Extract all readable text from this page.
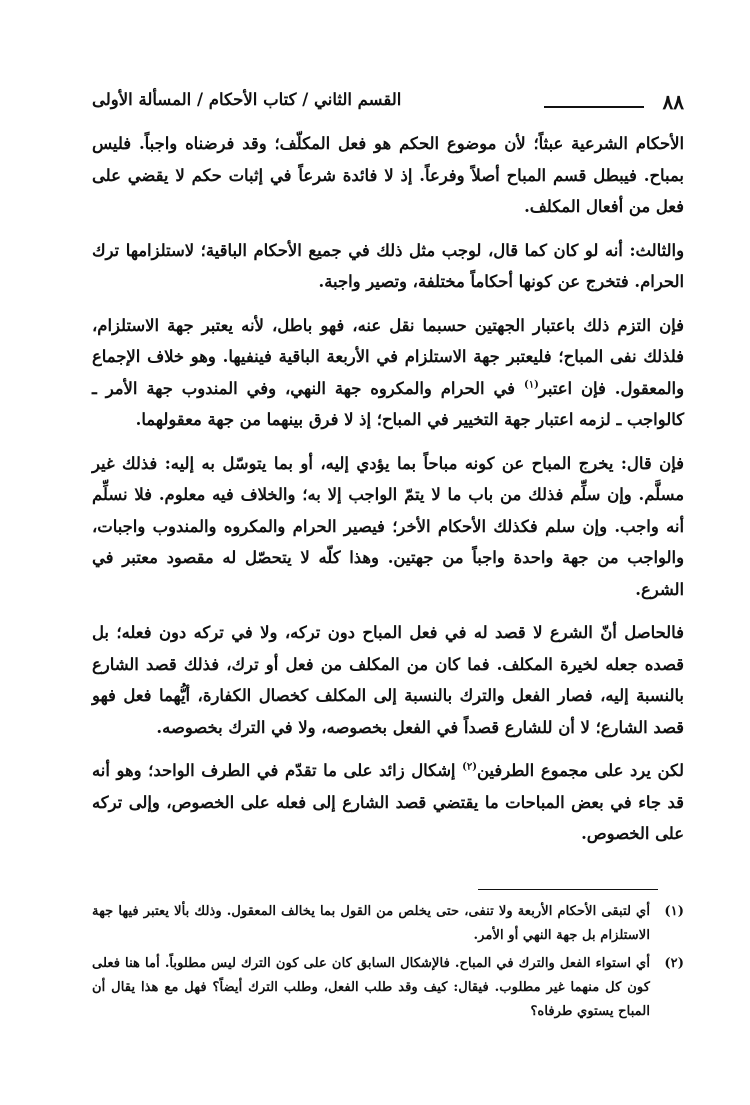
٨٨
القسم الثاني / كتاب الأحكام / المسألة الأولى

الأحكام الشرعية عبثاً؛ لأن موضوع الحكم هو فعل المكلّف؛ وقد فرضناه واجباً. فليس بمباح. فيبطل قسم المباح أصلاً وفرعاً. إذ لا فائدة شرعاً في إثبات حكم لا يقضي على فعل من أفعال المكلف.

والثالث: أنه لو كان كما قال، لوجب مثل ذلك في جميع الأحكام الباقية؛ لاستلزامها ترك الحرام. فتخرج عن كونها أحكاماً مختلفة، وتصير واجبة.

فإن التزم ذلك باعتبار الجهتين حسبما نقل عنه، فهو باطل، لأنه يعتبر جهة الاستلزام، فلذلك نفى المباح؛ فليعتبر جهة الاستلزام في الأربعة الباقية فينفيها. وهو خلاف الإجماع والمعقول. فإن اعتبر$^{(١)}$ في الحرام والمكروه جهة النهي، وفي المندوب جهة الأمر ـ كالواجب ـ لزمه اعتبار جهة التخيير في المباح؛ إذ لا فرق بينهما من جهة معقولهما.

فإن قال: يخرج المباح عن كونه مباحاً بما يؤدي إليه، أو بما يتوسّل به إليه: فذلك غير مسلَّم. وإن سلِّم فذلك من باب ما لا يتمّ الواجب إلا به؛ والخلاف فيه معلوم. فلا نسلِّم أنه واجب. وإن سلم فكذلك الأحكام الأخر؛ فيصير الحرام والمكروه والمندوب واجبات، والواجب من جهة واحدة واجباً من جهتين. وهذا كلّه لا يتحصّل له مقصود معتبر في الشرع.

فالحاصل أنّ الشرع لا قصد له في فعل المباح دون تركه، ولا في تركه دون فعله؛ بل قصده جعله لخيرة المكلف. فما كان من المكلف من فعل أو ترك، فذلك قصد الشارع بالنسبة إليه، فصار الفعل والترك بالنسبة إلى المكلف كخصال الكفارة، أيُّهما فعل فهو قصد الشارع؛ لا أن للشارع قصداً في الفعل بخصوصه، ولا في الترك بخصوصه.

لكن يرد على مجموع الطرفين$^{(٢)}$ إشكال زائد على ما تقدّم في الطرف الواحد؛ وهو أنه قد جاء في بعض المباحات ما يقتضي قصد الشارع إلى فعله على الخصوص، وإلى تركه على الخصوص.

(١)
أي لتبقى الأحكام الأربعة ولا تنفى، حتى يخلص من القول بما يخالف المعقول. وذلك بألا يعتبر فيها جهة الاستلزام بل جهة النهي أو الأمر.
(٢)
أي استواء الفعل والترك في المباح. فالإشكال السابق كان على كون الترك ليس مطلوباً. أما هنا فعلى كون كل منهما غير مطلوب. فيقال: كيف وقد طلب الفعل، وطلب الترك أيضاً؟ فهل مع هذا يقال أن المباح يستوي طرفاه؟
